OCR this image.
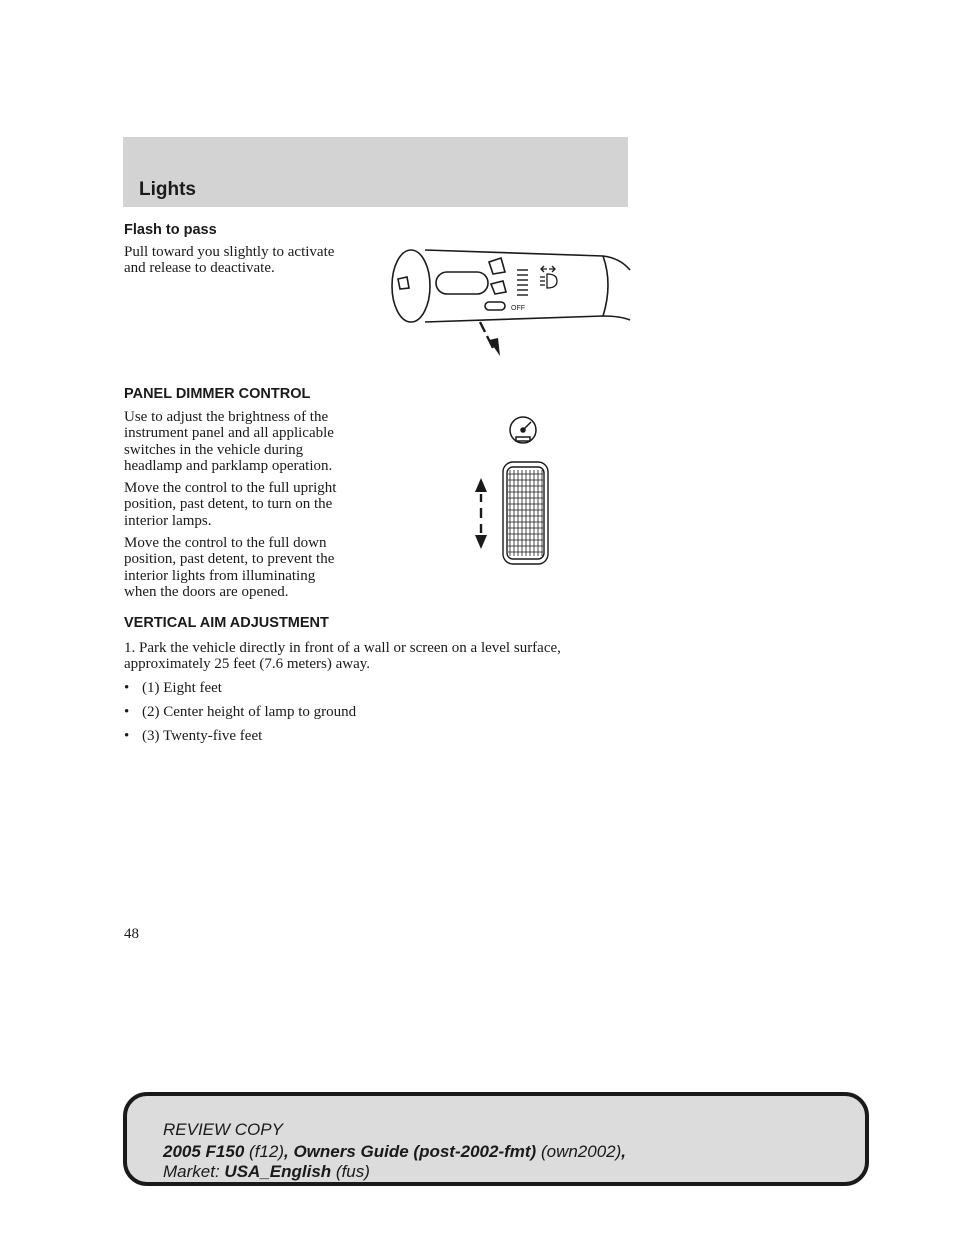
Lights
Flash to pass
Pull toward you slightly to activate
and release to deactivate.
OFF
PANEL DIMMER CONTROL
Use to adjust the brightness of the
instrument panel and all applicable
switches in the vehicle during
headlamp and parklamp operation.
Move the control to the full upright
position, past detent, to turn on the
interior lamps.
Move the control to the full down
position, past detent, to prevent the
interior lights from illuminating
when the doors are opened.
VERTICAL AIM ADJUSTMENT
1. Park the vehicle directly in front of a wall or screen on a level surface,
approximately 25 feet (7.6 meters) away.
• (1) Eight feet
• (2) Center height of lamp to ground
• (3) Twenty-five feet
48
REVIEW COPY
2005 F150 (f12), Owners Guide (post-2002-fmt) (own2002),
Market: USA_English (fus)
